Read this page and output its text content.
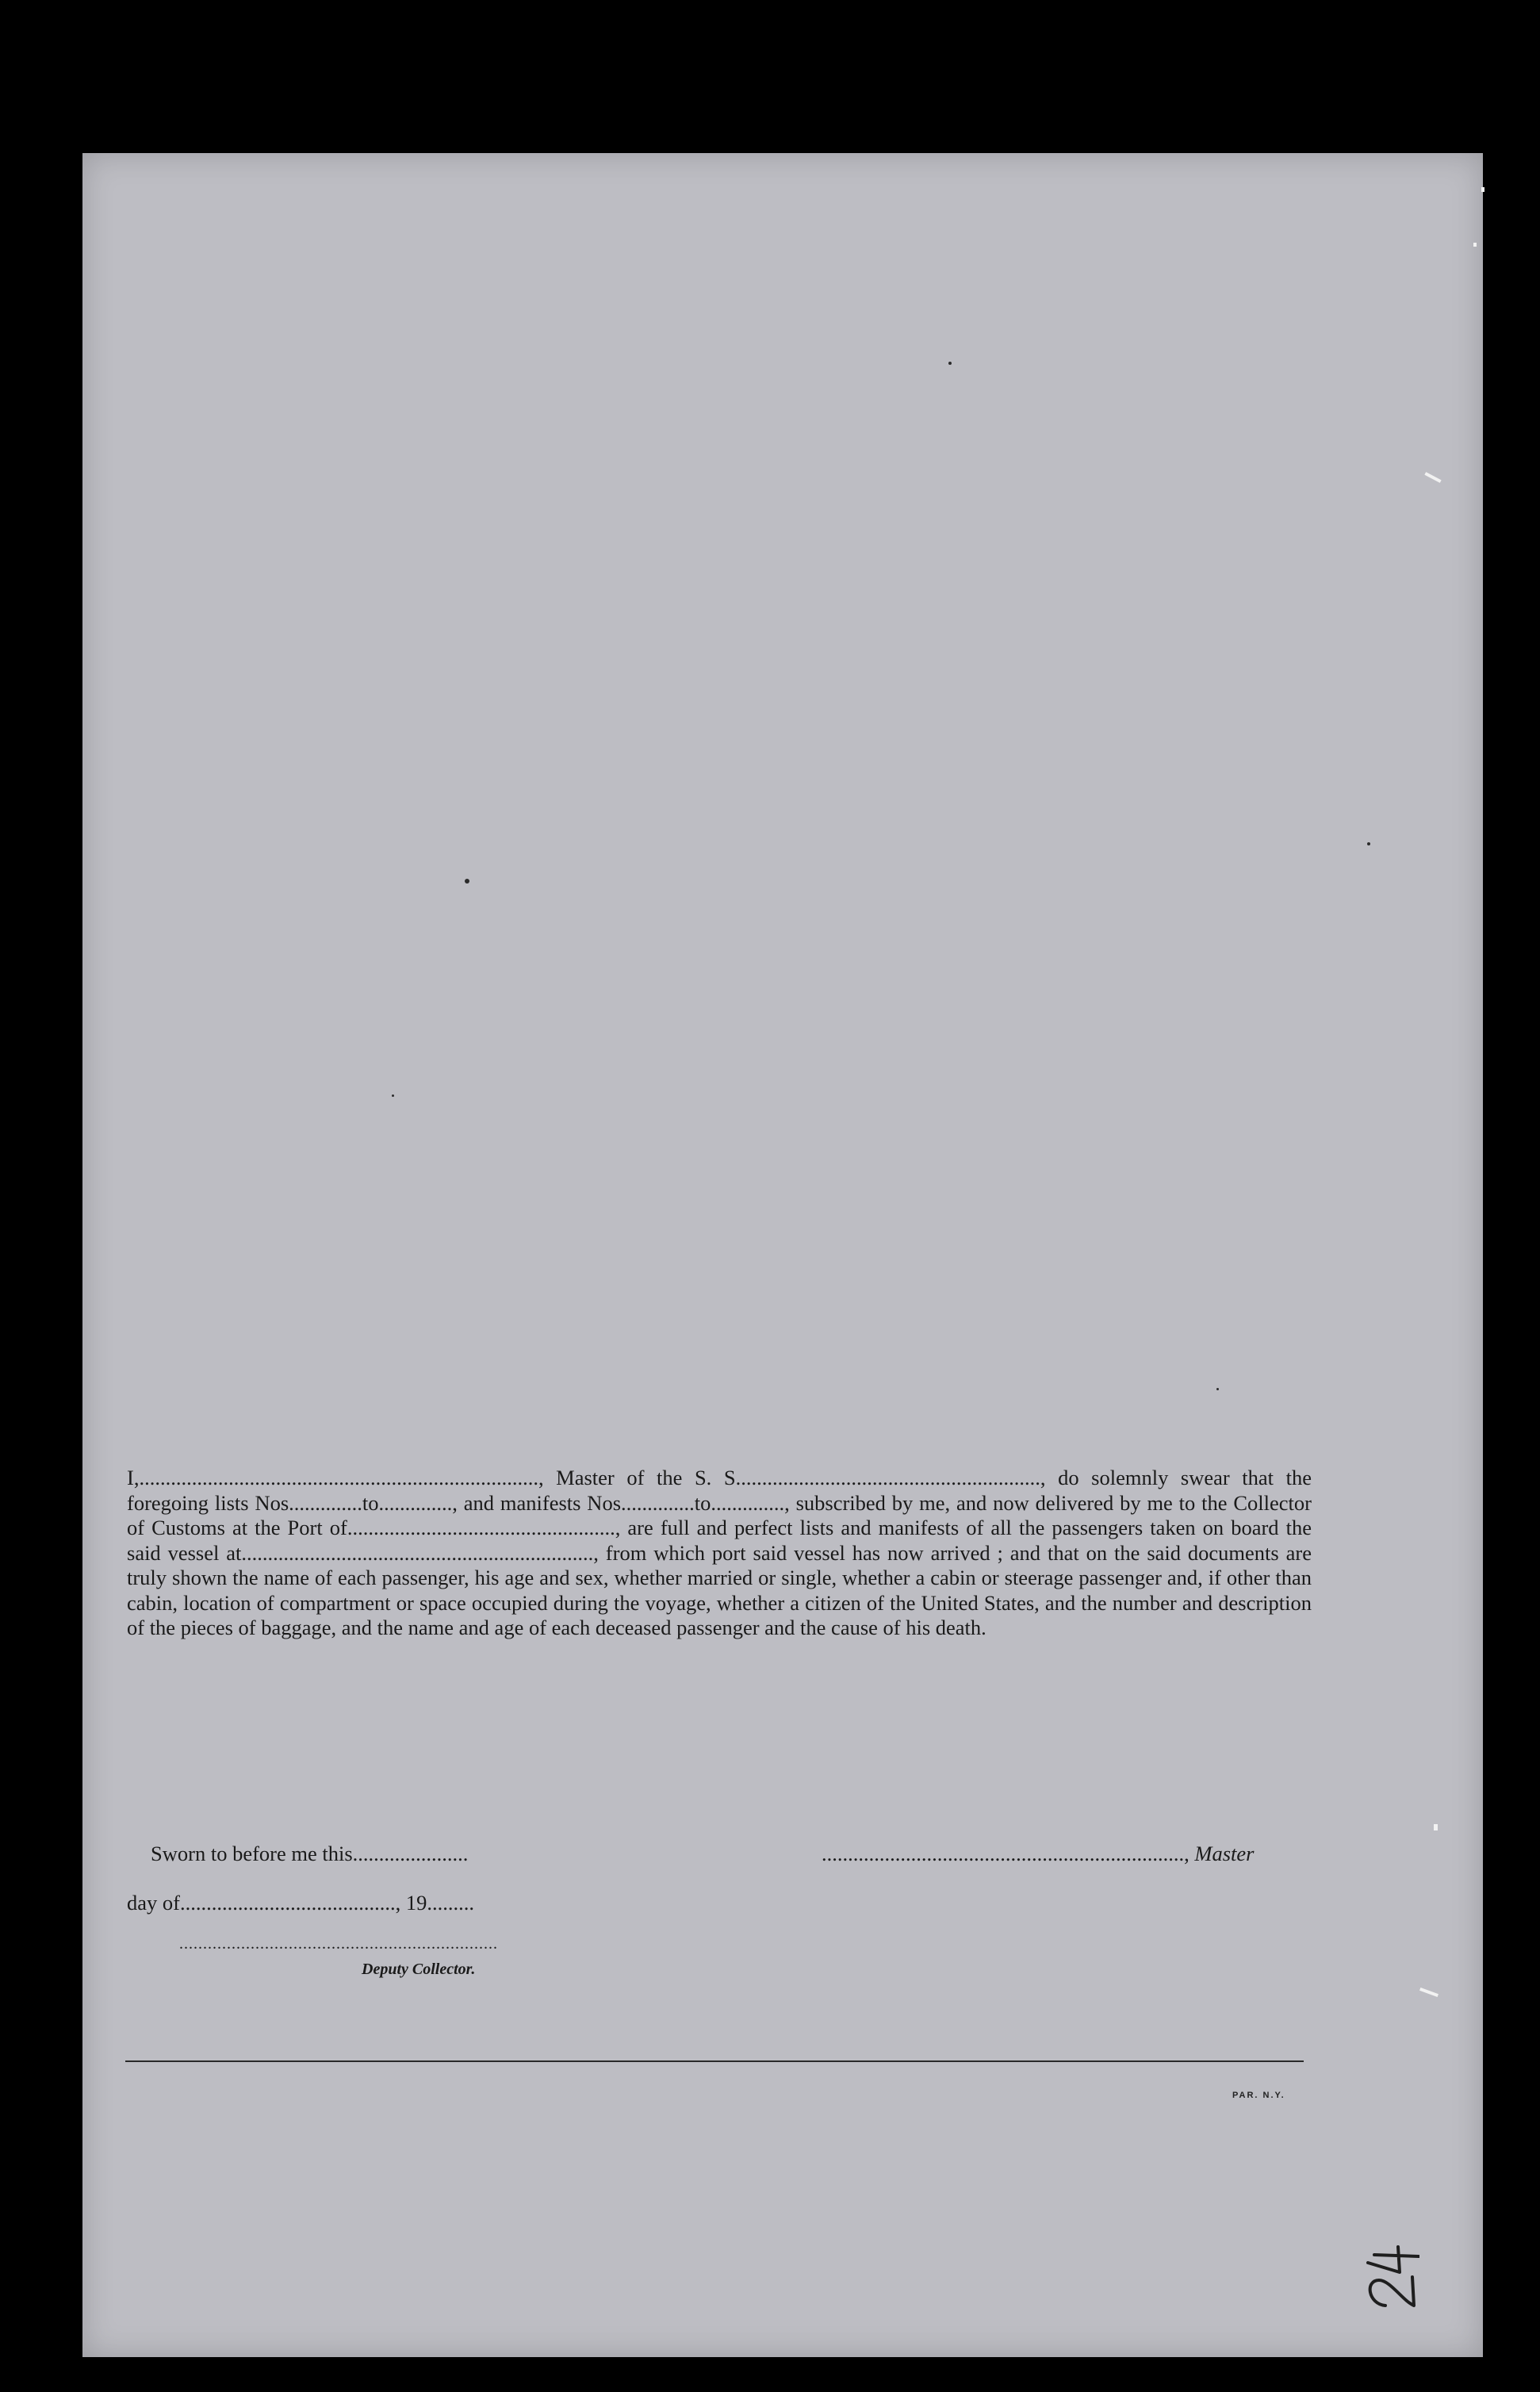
I,............................................................................, Master of the S. S.........................................................., do solemnly swear that the foregoing lists Nos..............to.............., and manifests Nos..............to.............., subscribed by me, and now delivered by me to the Collector of Customs at the Port of..................................................., are full and perfect lists and manifests of all the passengers taken on board the said vessel at..................................................................., from which port said vessel has now arrived ; and that on the said documents are truly shown the name of each passenger, his age and sex, whether married or single, whether a cabin or steerage passenger and, if other than cabin, location of compartment or space occupied during the voyage, whether a citizen of the United States, and the number and description of the pieces of baggage, and the name and age of each deceased passenger and the cause of his death.

Sworn to before me this......................	....................................................................., Master
day of........................................., 19.........
...................................................................
Deputy Collector.
PAR. N.Y.
